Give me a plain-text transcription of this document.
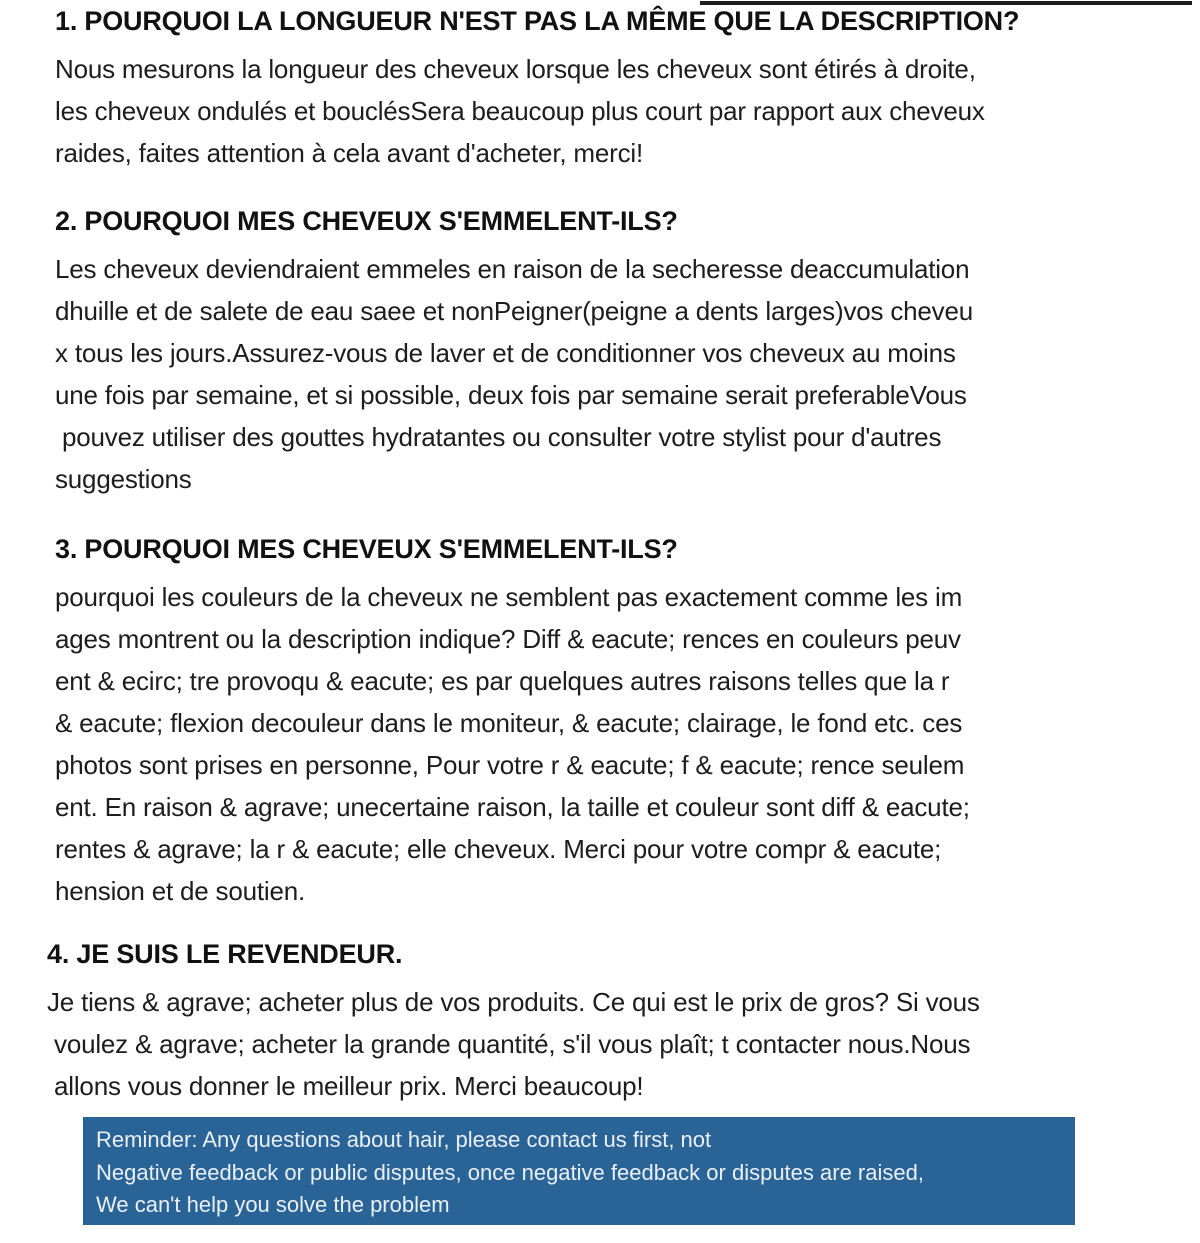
1. POURQUOI LA LONGUEUR N'EST PAS LA MÊME QUE LA DESCRIPTION?
Nous mesurons la longueur des cheveux lorsque les cheveux sont étirés à droite,
les cheveux ondulés et bouclésSera beaucoup plus court par rapport aux cheveux
raides, faites attention à cela avant d'acheter, merci!
2. POURQUOI MES CHEVEUX S'EMMELENT-ILS?
Les cheveux deviendraient emmeles en raison de la secheresse deaccumulation
dhuille et de salete de eau saee et nonPeigner(peigne a dents larges)vos cheveu
x tous les jours.Assurez-vous de laver et de conditionner vos cheveux au moins
une fois par semaine, et si possible, deux fois par semaine serait preferableVous
pouvez utiliser des gouttes hydratantes ou consulter votre stylist pour d'autres
suggestions
3. POURQUOI MES CHEVEUX S'EMMELENT-ILS?
pourquoi les couleurs de la cheveux ne semblent pas exactement comme les im
ages montrent ou la description indique? Diff & eacute; rences en couleurs peuv
ent & ecirc; tre provoqu & eacute; es par quelques autres raisons telles que la r
& eacute; flexion decouleur dans le moniteur, & eacute; clairage, le fond etc. ces
photos sont prises en personne, Pour votre r & eacute; f & eacute; rence seulem
ent. En raison & agrave; unecertaine raison, la taille et couleur sont diff & eacute;
rentes & agrave; la r & eacute; elle cheveux. Merci pour votre compr & eacute;
hension et de soutien.
4. JE SUIS LE REVENDEUR.
Je tiens & agrave; acheter plus de vos produits. Ce qui est le prix de gros? Si vous
voulez & agrave; acheter la grande quantité, s'il vous plaît; t contacter nous.Nous
allons vous donner le meilleur prix. Merci beaucoup!
Reminder: Any questions about hair, please contact us first, not
Negative feedback or public disputes, once negative feedback or disputes are raised,
We can't help you solve the problem
